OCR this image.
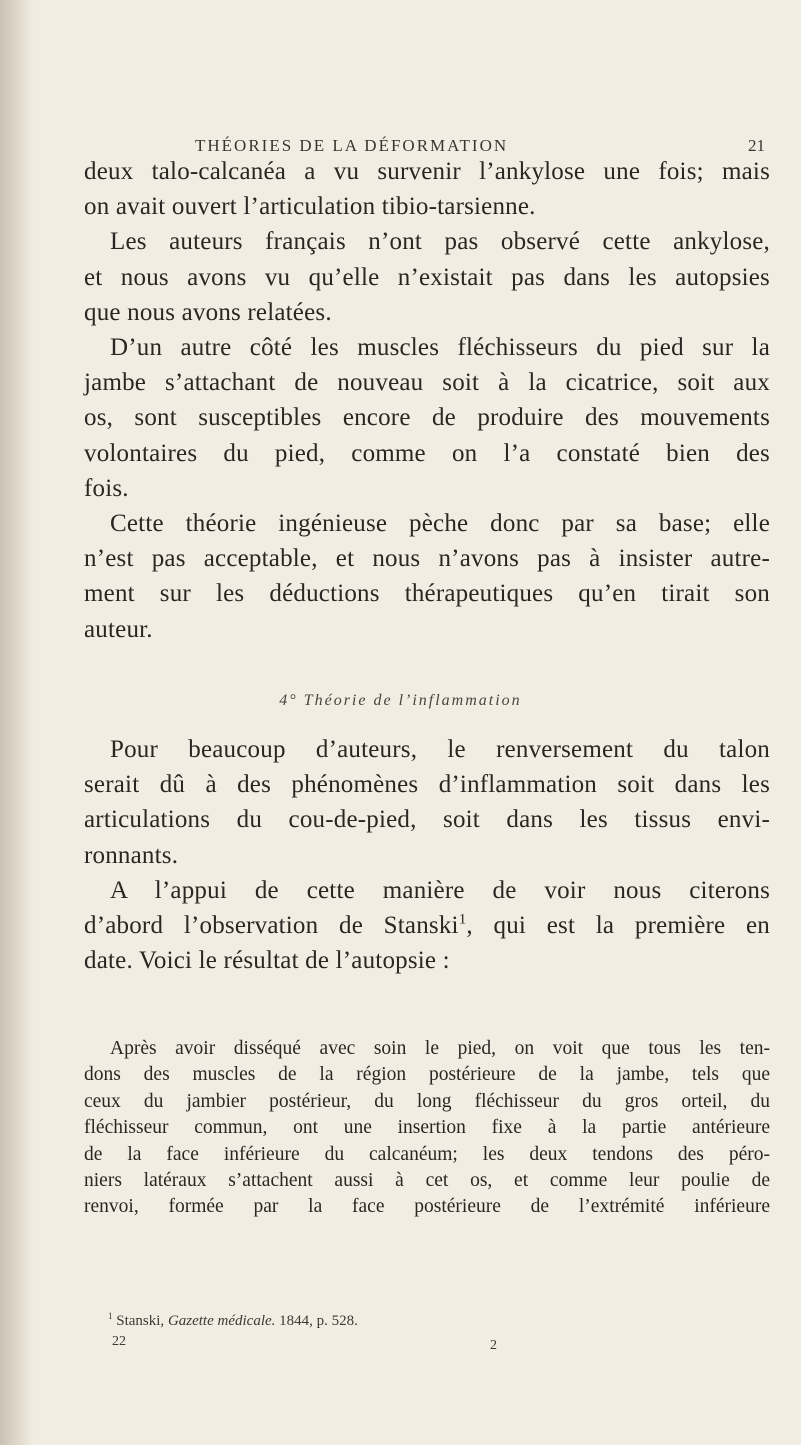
THÉORIES DE LA DÉFORMATION	21
deux talo-calcanéa a vu survenir l’ankylose une fois; mais
on avait ouvert l’articulation tibio-tarsienne.
Les auteurs français n’ont pas observé cette ankylose,
et nous avons vu qu’elle n’existait pas dans les autopsies
que nous avons relatées.
D’un autre côté les muscles fléchisseurs du pied sur la
jambe s’attachant de nouveau soit à la cicatrice, soit aux
os, sont susceptibles encore de produire des mouvements
volontaires du pied, comme on l’a constaté bien des
fois.
Cette théorie ingénieuse pèche donc par sa base; elle
n’est pas acceptable, et nous n’avons pas à insister autre-
ment sur les déductions thérapeutiques qu’en tirait son
auteur.
4° Théorie de l’inflammation
Pour beaucoup d’auteurs, le renversement du talon
serait dû à des phénomènes d’inflammation soit dans les
articulations du cou-de-pied, soit dans les tissus envi-
ronnants.
A l’appui de cette manière de voir nous citerons
d’abord l’observation de Stanski$^1$, qui est la première en
date. Voici le résultat de l’autopsie :
Après avoir disséqué avec soin le pied, on voit que tous les ten-
dons des muscles de la région postérieure de la jambe, tels que
ceux du jambier postérieur, du long fléchisseur du gros orteil, du
fléchisseur commun, ont une insertion fixe à la partie antérieure
de la face inférieure du calcanéum; les deux tendons des péro-
niers latéraux s’attachent aussi à cet os, et comme leur poulie de
renvoi, formée par la face postérieure de l’extrémité inférieure
$^1$ Stanski, Gazette médicale. 1844, p. 528.
22	2
